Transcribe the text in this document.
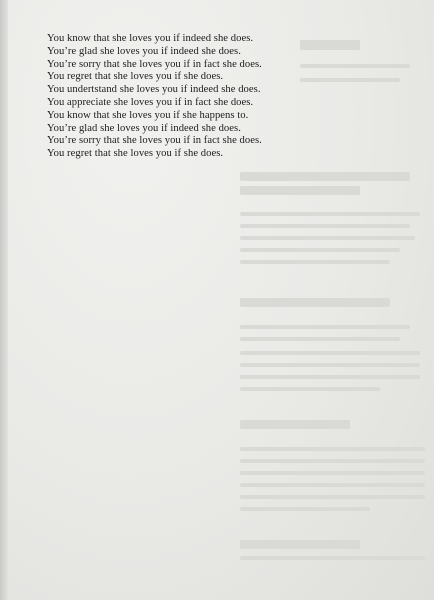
You know that she loves you if indeed she does.
You’re glad she loves you if indeed she does.
You’re sorry that she loves you if in fact she does.
You regret that she loves you if she does.
You undertstand she loves you if indeed she does.
You appreciate she loves you if in fact she does.
You know that she loves you if she happens to.
You’re glad she loves you if indeed she does.
You’re sorry that she loves you if in fact she does.
You regret that she loves you if she does.
